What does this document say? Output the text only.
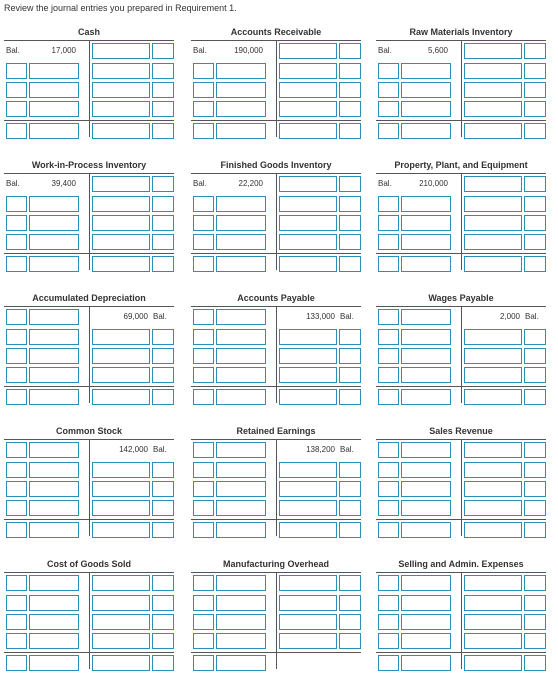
Review the journal entries you prepared in Requirement 1.
Cash
Bal.	17,000
Accounts Receivable
Bal.	190,000
Raw Materials Inventory
Bal.	5,600
Work-in-Process Inventory
Bal.	39,400
Finished Goods Inventory
Bal.	22,200
Property, Plant, and Equipment
Bal.	210,000
Accumulated Depreciation
69,000 Bal.
Accounts Payable
133,000 Bal.
Wages Payable
2,000 Bal.
Common Stock
142,000 Bal.
Retained Earnings
138,200 Bal.
Sales Revenue
Cost of Goods Sold	Manufacturing Overhead	Selling and Admin. Expenses
